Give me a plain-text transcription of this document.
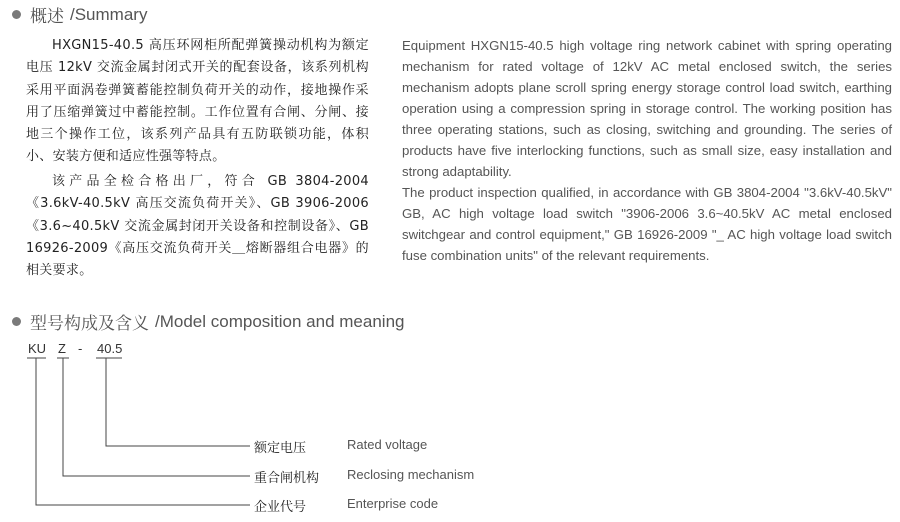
概述 /Summary

HXGN15-40.5 高压环网柜所配弹簧操动机构为额定电压 12kV 交流金属封闭式开关的配套设备，该系列机构采用平面涡卷弹簧蓄能控制负荷开关的动作，接地操作采用了压缩弹簧过中蓄能控制。工作位置有合闸、分闸、接地三个操作工位，该系列产品具有五防联锁功能，体积小、安装方便和适应性强等特点。

该产品全检合格出厂，符合 GB 3804-2004 《3.6kV-40.5kV 高压交流负荷开关》、GB 3906-2006《3.6~40.5kV 交流金属封闭开关设备和控制设备》、GB 16926-2009《高压交流负荷开关＿熔断器组合电器》的相关要求。

Equipment HXGN15-40.5 high voltage ring network cabinet with spring operating mechanism for rated voltage of 12kV AC metal enclosed switch, the series mechanism adopts plane scroll spring energy storage control load switch, earthing operation using a compression spring in storage control. The working position has three operating stations, such as closing, switching and grounding. The series of products have five interlocking functions, such as small size, easy installation and strong adaptability.

The product inspection qualified, in accordance with GB 3804-2004 "3.6kV-40.5kV" GB, AC high voltage load switch "3906-2006 3.6~40.5kV AC metal enclosed switchgear and control equipment," GB 16926-2009 "_ AC high voltage load switch fuse combination units" of the relevant requirements.

型号构成及含义 /Model composition and meaning
KU Z - 40.5
额定电压	Rated voltage
重合闸机构 Reclosing mechanism
企业代号	Enterprise code
